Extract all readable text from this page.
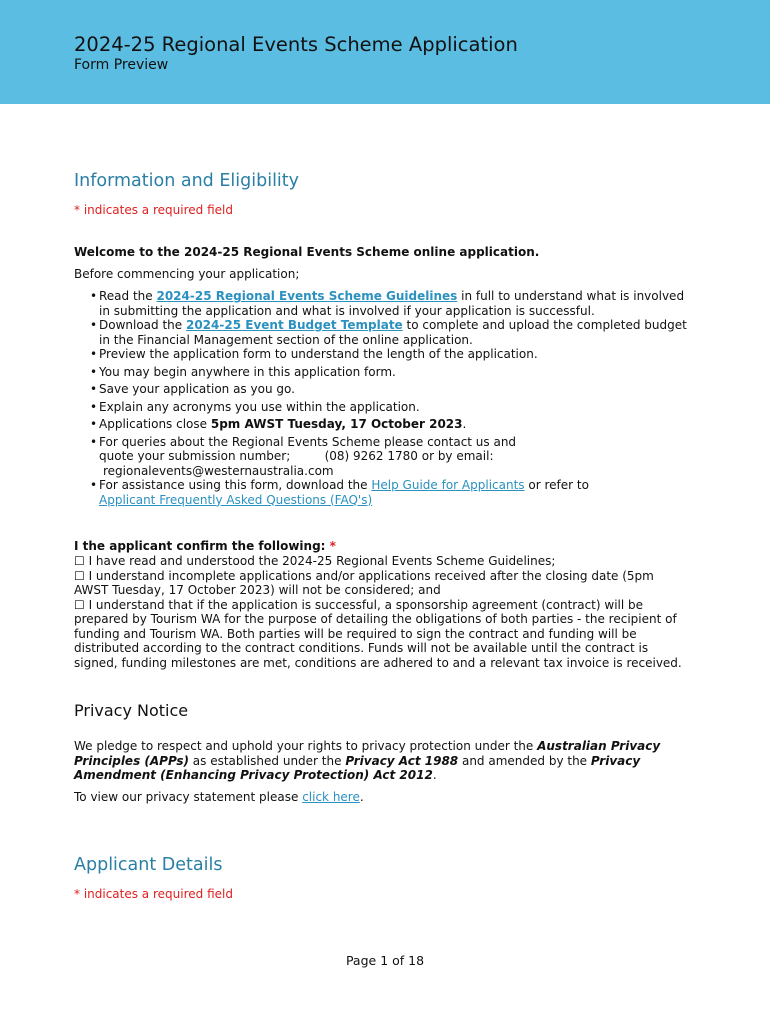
2024-25 Regional Events Scheme Application
Form Preview
Information and Eligibility
* indicates a required field
Welcome to the 2024-25 Regional Events Scheme online application.
Before commencing your application;
• Read the 2024-25 Regional Events Scheme Guidelines in full to understand what is involved in submitting the application and what is involved if your application is successful.
• Download the 2024-25 Event Budget Template to complete and upload the completed budget in the Financial Management section of the online application.
• Preview the application form to understand the length of the application.
• You may begin anywhere in this application form.
• Save your application as you go.
• Explain any acronyms you use within the application.
• Applications close 5pm AWST Tuesday, 17 October 2023.
• For queries about the Regional Events Scheme please contact us and
quote your submission number;         (08) 9262 1780 or by email:
regionalevents@westernaustralia.com
• For assistance using this form, download the Help Guide for Applicants or refer to
Applicant Frequently Asked Questions (FAQ's)
I the applicant confirm the following: *
☐ I have read and understood the 2024-25 Regional Events Scheme Guidelines;
☐ I understand incomplete applications and/or applications received after the closing date (5pm AWST Tuesday, 17 October 2023) will not be considered; and
☐ I understand that if the application is successful, a sponsorship agreement (contract) will be prepared by Tourism WA for the purpose of detailing the obligations of both parties - the recipient of funding and Tourism WA. Both parties will be required to sign the contract and funding will be distributed according to the contract conditions. Funds will not be available until the contract is signed, funding milestones are met, conditions are adhered to and a relevant tax invoice is received.
Privacy Notice
We pledge to respect and uphold your rights to privacy protection under the Australian Privacy Principles (APPs) as established under the Privacy Act 1988 and amended by the Privacy Amendment (Enhancing Privacy Protection) Act 2012.
To view our privacy statement please click here.
Applicant Details
* indicates a required field
Page 1 of 18
